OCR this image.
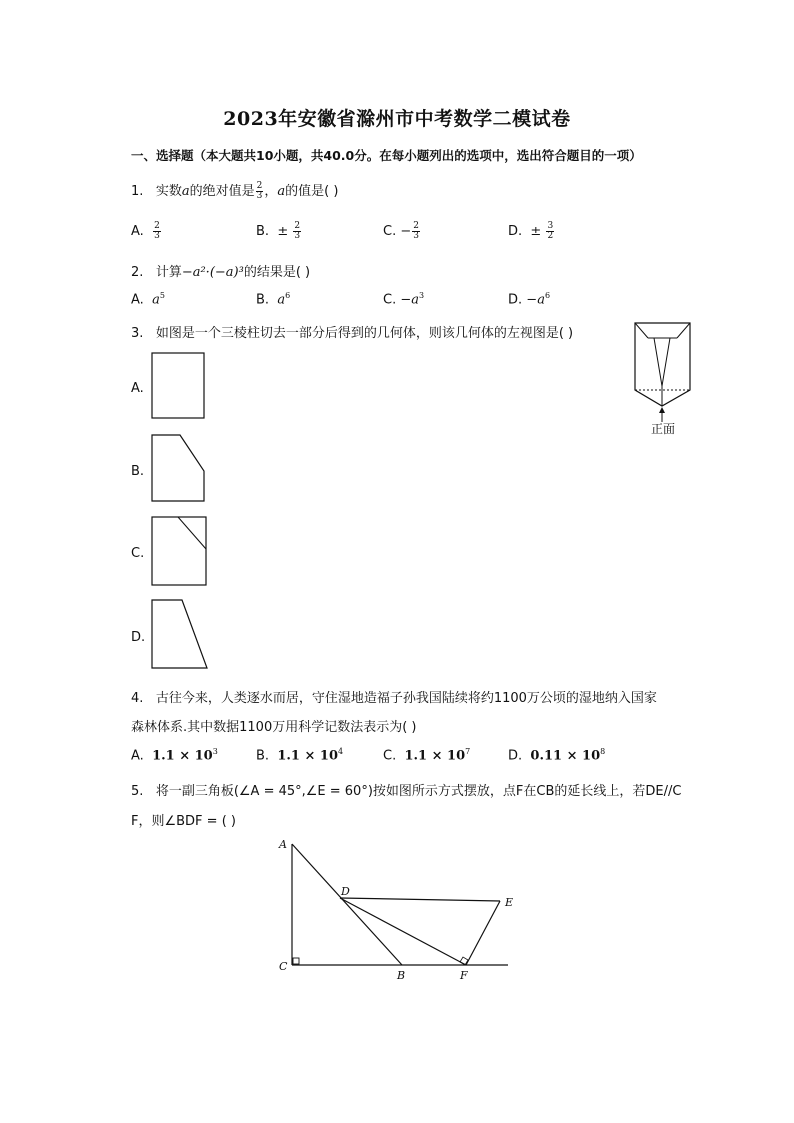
2023年安徽省滁州市中考数学二模试卷
一、选择题（本大题共10小题，共40.0分。在每小题列出的选项中，选出符合题目的一项）
1. 实数a的绝对值是 $\frac{2}{3}$ ，a的值是( )
A. $\frac{2}{3}$	B. ± $\frac{2}{3}$	C. − $\frac{2}{3}$	D. ± $\frac{3}{2}$
2. 计算−a²·(−a)³的结果是( )
A. $a^5$	B. $a^6$	C. $-a^3$	D. $-a^6$
3. 如图是一个三棱柱切去一部分后得到的几何体，则该几何体的左视图是( )
正面
A.
B.
C.
D.
4. 古往今来，人类逐水而居，守住湿地造福子孙我国陆续将约1100万公顷的湿地纳入国家
森林体系.其中数据1100万用科学记数法表示为( )
A. $1.1 \times 10^3$	B. $1.1 \times 10^4$	C. $1.1 \times 10^7$	D. $0.11 \times 10^8$
5. 将一副三角板(∠A = 45°,∠E = 60°)按如图所示方式摆放，点F在CB的延长线上，若DE//C
F，则∠BDF = ( )
A
C
D
E
B	F
